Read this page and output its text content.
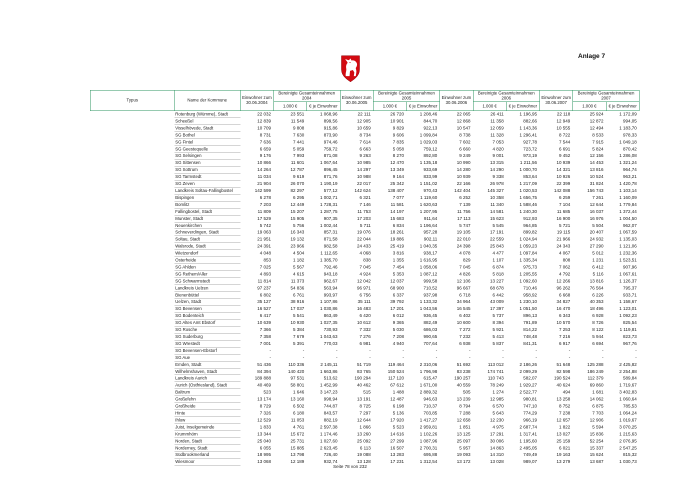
Anlage 7
Typus	Name der Kommune	Einwohner zum 30.06.2004	Bereinigte Gesamteinnahmen 2004		Einwohner zum 30.06.2005	Bereinigte Gesamteinnahmen 2005		Einwohner zum 30.06.2006	Bereinigte Gesamteinnahmen 2006		Einwohner zum 30.06.2007	Bereinigte Gesamteinnahmen 2007	
			1.000 €	€ je Einwohner		1.000 €	€ je Einwohner		1.000 €	€ je Einwohner		1.000 €	€ je Einwohner
	Rotenburg (Wümme), Stadt	22 032	23 551	1 068,96	22 111	26 720	1 208,46	22 065	26 411	1 196,95	22 118	25 924	1 172,09
	Scheeßel	12 839	11 549	899,56	12 905	10 901	844,70	12 868	11 358	882,66	12 949	12 872	994,05
	Visselhövede, Stadt	10 709	9 808	915,86	10 659	9 829	922,13	10 547	12 059	1 143,36	10 555	12 494	1 183,70
	SG Bothel	8 731	7 630	873,90	8 734	9 606	1 099,84	8 738	11 328	1 296,41	8 722	8 533	978,33
	SG Fintel	7 636	7 441	974,46	7 614	7 835	1 029,03	7 602	7 053	927,78	7 544	7 915	1 049,18
	SG Geestequelle	6 659	5 059	759,72	6 663	5 058	759,12	6 660	4 820	723,72	6 691	5 824	870,42
	SG Selsingen	9 176	7 993	871,08	9 263	8 270	892,80	9 249	9 001	973,19	9 452	12 156	1 286,08
	SG Sittensen	10 866	11 601	1 067,64	10 985	12 470	1 135,18	10 990	13 315	1 211,56	10 939	14 453	1 321,24
	SG Sottrum	14 264	12 787	896,45	14 297	13 349	933,69	14 280	14 290	1 000,70	14 321	13 816	964,74
	SG Tarmstedt	11 034	9 619	871,76	10 988	9 164	833,99	10 939	9 338	853,64	10 926	10 524	963,21
	SG Zeven	21 904	26 070	1 190,19	22 017	25 342	1 151,02	22 166	26 978	1 217,09	22 399	31 824	1 420,78
	Landkreis Soltau-Fallingbostel	142 599	82 297	577,12	142 624	138 407	970,43	142 404	145 327	1 020,53	142 088	156 743	1 103,14
	Bispingen	6 278	6 295	1 002,71	6 321	7 077	1 119,60	6 252	10 358	1 656,75	6 259	7 261	1 160,09
	Bomlitz	7 203	12 449	1 728,31	7 146	11 581	1 620,63	7 139	11 340	1 588,46	7 104	12 644	1 779,84
	Fallingbostel, Stadt	11 809	15 207	1 287,75	11 753	14 197	1 207,95	11 756	14 581	1 240,30	11 685	16 037	1 372,44
	Munster, Stadt	17 529	15 905	907,35	17 203	15 683	911,64	17 113	15 623	912,93	16 900	16 976	1 004,50
	Neuenkirchen	5 742	5 756	1 002,44	5 711	6 834	1 196,64	5 747	5 545	964,85	5 721	5 504	962,07
	Schneverdingen, Stadt	19 063	16 343	857,31	19 076	18 261	957,28	19 105	17 191	899,82	19 115	20 407	1 067,59
	Soltau, Stadt	21 951	19 132	871,58	22 044	19 886	902,11	22 010	22 559	1 024,94	21 966	24 932	1 135,03
	Walsrode, Stadt	24 391	23 966	982,58	24 433	25 419	1 040,35	24 398	25 843	1 059,23	24 343	27 290	1 121,06
	Wietzendorf	4 048	4 504	1 112,65	4 068	3 816	938,17	4 078	4 477	1 097,84	4 067	5 012	1 232,36
	Osterheide	853	1 182	1 385,70	838	1 355	1 616,95	829	1 107	1 335,34	808	1 231	1 523,51
	SG Ahlden	7 025	5 567	792,46	7 045	7 454	1 058,06	7 045	6 874	975,73	7 062	6 412	907,96
	SG Rethem/Aller	4 893	4 615	943,18	4 924	5 353	1 087,12	4 826	5 818	1 205,55	4 792	5 116	1 067,61
	SG Schwarmstedt	11 814	11 373	962,67	12 042	12 037	999,58	12 106	13 227	1 092,60	12 266	13 816	1 126,37
	Landkreis Uelzen	97 237	54 836	563,94	96 971	68 900	710,52	96 667	68 678	710,46	96 262	76 564	795,37
	Bienenbüttel	6 802	6 761	993,97	6 756	6 337	937,98	6 718	6 442	958,92	6 668	6 226	933,71
	Uelzen, Stadt	35 127	38 916	1 107,86	35 111	39 792	1 133,32	34 964	43 009	1 230,10	34 827	40 353	1 158,67
	SG Bevensen	16 527	17 037	1 030,86	16 483	17 201	1 043,56	16 545	17 397	1 051,50	16 470	18 496	1 123,01
	SG Bodenteich	6 417	5 541	863,49	6 420	6 012	936,45	6 402	5 737	896,13	6 343	6 928	1 092,23
	SG Altes Amt Ebstorf	10 639	10 930	1 027,35	10 612	9 365	882,49	10 600	8 394	791,89	10 570	8 726	825,54
	SG Rosche	7 366	5 384	730,93	7 332	5 030	686,03	7 272	5 921	814,22	7 253	8 122	1 119,81
	SG Suderburg	7 358	7 679	1 043,63	7 276	7 208	990,65	7 232	5 413	748,48	7 216	5 944	823,73
	SG Wrestedt	7 001	5 391	770,03	6 981	4 940	707,64	6 938	5 837	841,31	6 917	6 694	967,76
	SG Bevensen-Ebstorf	-	-	-	-	-	-	-	-	-	-	-	-
	SG Aue	-	-	-	-	-	-	-	-	-	-	-	-
	Emden, Stadt	51 436	110 336	2 145,11	51 719	119 464	2 310,06	51 692	113 012	2 186,26	51 648	125 288	2 425,82
	Wilhelmshaven, Stadt	84 394	140 420	1 663,86	83 765	150 524	1 796,98	83 238	174 741	2 099,29	82 598	186 249	2 254,88
	Landkreis Aurich	189 888	97 531	513,62	190 294	117 120	615,47	190 257	110 743	582,07	190 524	112 379	589,84
	Aurich (Ostfriesland), Stadt	40 469	58 801	1 452,99	40 462	67 612	1 671,00	40 559	78 249	1 929,27	40 624	69 860	1 719,67
	Baltrum	523	1 646	3 147,23	515	1 488	2 889,32	505	1 274	2 522,77	494	1 681	3 402,83
	Großefehn	13 174	13 160	998,94	13 191	12 487	946,63	13 239	12 985	980,81	13 258	14 062	1 060,64
	Großheide	8 729	6 502	744,87	8 725	6 198	710,37	8 794	6 570	747,10	8 752	6 875	785,53
	Hinte	7 326	6 180	843,57	7 297	5 136	703,85	7 288	5 643	774,29	7 238	7 703	1 064,24
	Ihlow	12 529	11 053	882,19	12 644	17 920	1 417,27	12 658	12 230	966,19	12 657	12 906	1 019,67
	Juist, Inselgemeinde	1 833	4 761	2 597,38	1 866	5 523	2 959,81	1 851	4 975	2 687,74	1 822	5 594	3 070,25
	Krummhörn	13 344	15 672	1 174,46	13 260	14 616	1 102,26	13 125	17 291	1 317,41	13 027	15 836	1 215,63
	Norden, Stadt	25 040	25 731	1 027,60	25 092	27 299	1 087,96	25 097	30 006	1 195,60	25 159	52 254	2 076,95
	Norderney, Stadt	6 055	15 885	2 623,45	6 113	16 507	2 700,31	5 957	14 863	2 495,05	6 021	15 337	2 547,25
	Südbrookmerland	18 995	13 798	726,40	19 088	13 283	695,88	19 093	14 310	749,49	19 163	15 624	815,32
	Wiesmoor	13 068	12 189	932,74	13 128	17 231	1 312,54	13 172	13 028	989,07	13 279	13 687	1 030,73
Seite 78 von 232
